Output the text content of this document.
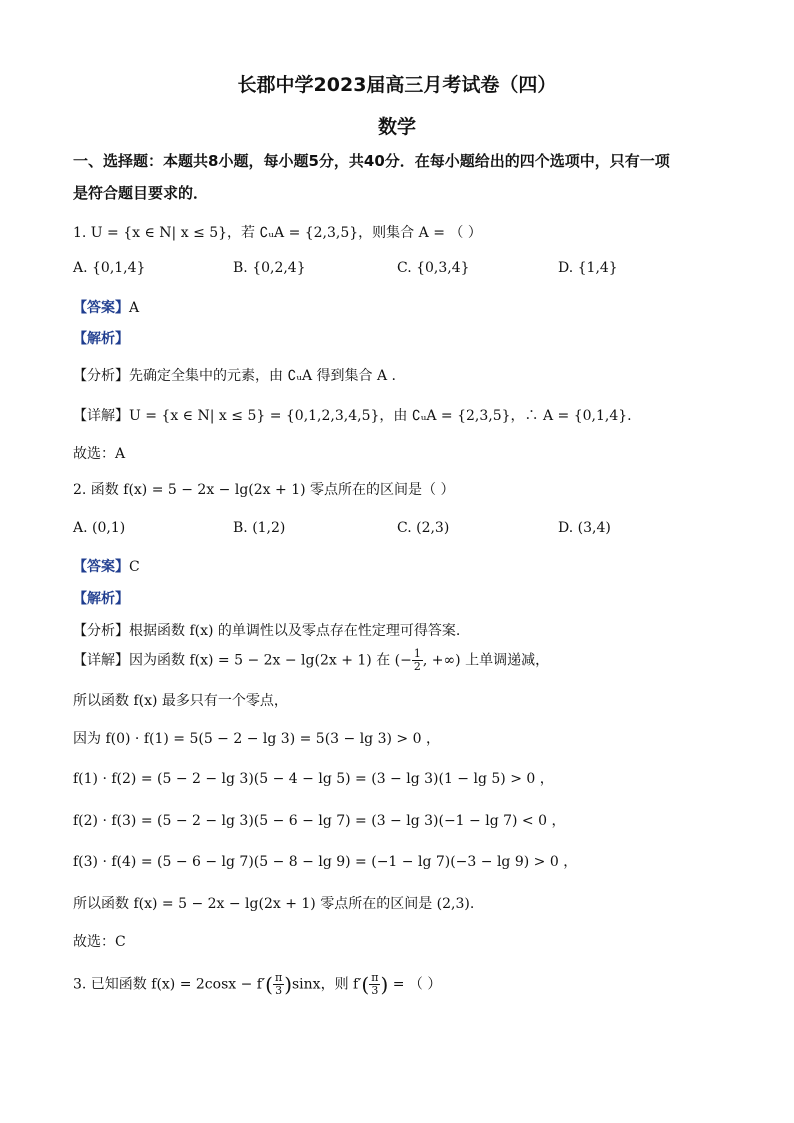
长郡中学2023届高三月考试卷（四）
数学
一、选择题：本题共8小题，每小题5分，共40分．在每小题给出的四个选项中，只有一项
是符合题目要求的．
1. U = {x ∈ N| x ≤ 5}，若 ∁ᵤA = {2,3,5}，则集合 A = （ ）
A. {0,1,4}	B. {0,2,4}	C. {0,3,4}	D. {1,4}
【答案】A
【解析】
【分析】先确定全集中的元素，由 ∁ᵤA 得到集合 A .
【详解】U = {x ∈ N| x ≤ 5} = {0,1,2,3,4,5}，由 ∁ᵤA = {2,3,5}，∴ A = {0,1,4}.
故选：A
2. 函数 f(x) = 5 − 2x − lg(2x + 1) 零点所在的区间是（ ）
A. (0,1)	B. (1,2)	C. (2,3)	D. (3,4)
【答案】C
【解析】
【分析】根据函数 f(x) 的单调性以及零点存在性定理可得答案.
【详解】因为函数 f(x) = 5 − 2x − lg(2x + 1) 在 (− $\frac{1}{2}$ , +∞) 上单调递减，
所以函数 f(x) 最多只有一个零点，
因为 f(0) · f(1) = 5(5 − 2 − lg 3) = 5(3 − lg 3) > 0 ，
f(1) · f(2) = (5 − 2 − lg 3)(5 − 4 − lg 5) = (3 − lg 3)(1 − lg 5) > 0 ，
f(2) · f(3) = (5 − 2 − lg 3)(5 − 6 − lg 7) = (3 − lg 3)(−1 − lg 7) < 0 ，
f(3) · f(4) = (5 − 6 − lg 7)(5 − 8 − lg 9) = (−1 − lg 7)(−3 − lg 9) > 0 ，
所以函数 f(x) = 5 − 2x − lg(2x + 1) 零点所在的区间是 (2,3).
故选：C
3. 已知函数 $f(x) = 2\cos x - f'( \frac{\pi}{3} )\sin x$，则 $f'( \frac{\pi}{3}$ ) = （ ）
